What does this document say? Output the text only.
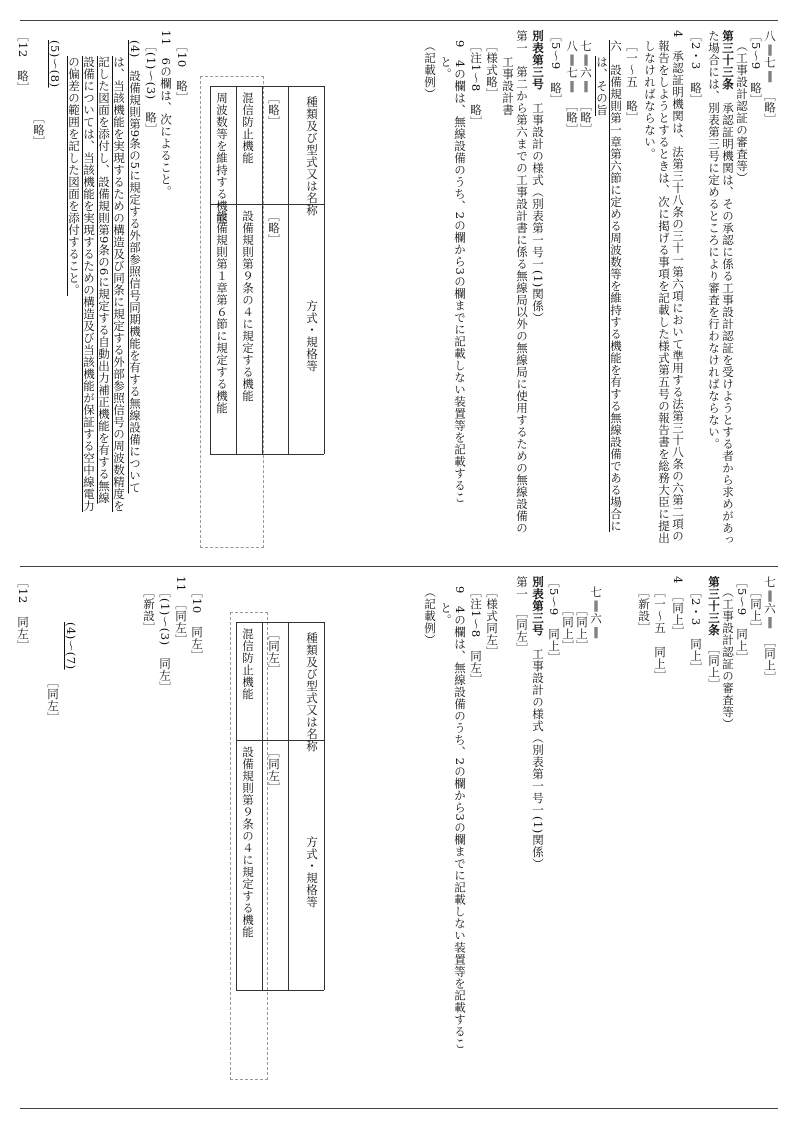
八‖七‖　［略］
［5～9　略］
（工事設計認証の審査等）
第三十三条　承認証明機関は、その承認に係る工事設計認証を受けようとする者から求めがあっ
た場合には、別表第三号に定めるところにより審査を行わなければならない。
［2・3　略］
4　承認証明機関は、法第三十八条の三十一第六項において準用する法第三十八条の六第二項の
報告をしようとするときは、次に掲げる事項を記載した様式第五号の報告書を総務大臣に提出
しなければならない。
［一～五　略］
六　設備規則第一章第六節に定める周波数等を維持する機能を有する無線設備である場合に
は、その旨
七‖六‖　［略］
八‖七‖　［略］
［5～9　略］
別表第三号　工事設計の様式（別表第一号一(1)関係）
第一　第二から第六までの工事設計書に係る無線局以外の無線局に使用するための無線設備の
工事設計書
［様式略］
［注1～8　略］
9　4の欄は、無線設備のうち、2の欄から3の欄までに記載しない装置等を記載するこ
と。
（記載例）
種類及び型式又は名称
方式・規格等
［略］
［略］
混信防止機能
設備規則第９条の４に規定する機能
周波数等を維持する機能
設備規則第１章第６節に規定する機能
［10　略］
11　6の欄は、次によること。
［(1)～(3)　略］
(4)　設備規則第9条の5に規定する外部参照信号同期機能を有する無線設備について
は、当該機能を実現するための構造及び同条に規定する外部参照信号の周波数精度を
記した図面を添付し、設備規則第9条の6に規定する自動出力補正機能を有する無線
設備については、当該機能を実現するための構造及び当該機能が保証する空中線電力
の偏差の範囲を記した図面を添付すること。
(5)～(8)
［略］
［12　略］
七‖六‖　［同上］
［同上］
［5～9　同上］
（工事設計認証の審査等）
第三十三条　［同上］
［2・3　同上］
4　［同上］
［一～五　同上］
［新設］
七‖六‖
［同上］
［同上］
［5～9　同上］
別表第三号　工事設計の様式（別表第一号一(1)関係）
第一　［同左］
［様式同左］
［注1～8　同左］
9　4の欄は、無線設備のうち、2の欄から3の欄までに記載しない装置等を記載するこ
と。
（記載例）
種類及び型式又は名称
方式・規格等
［同左］
［同左］
混信防止機能
設備規則第９条の４に規定する機能
［10　同左］
11　［同左］
［(1)～(3)　同左］
［新設］
(4)～(7)
［同左］
［12　同左］
